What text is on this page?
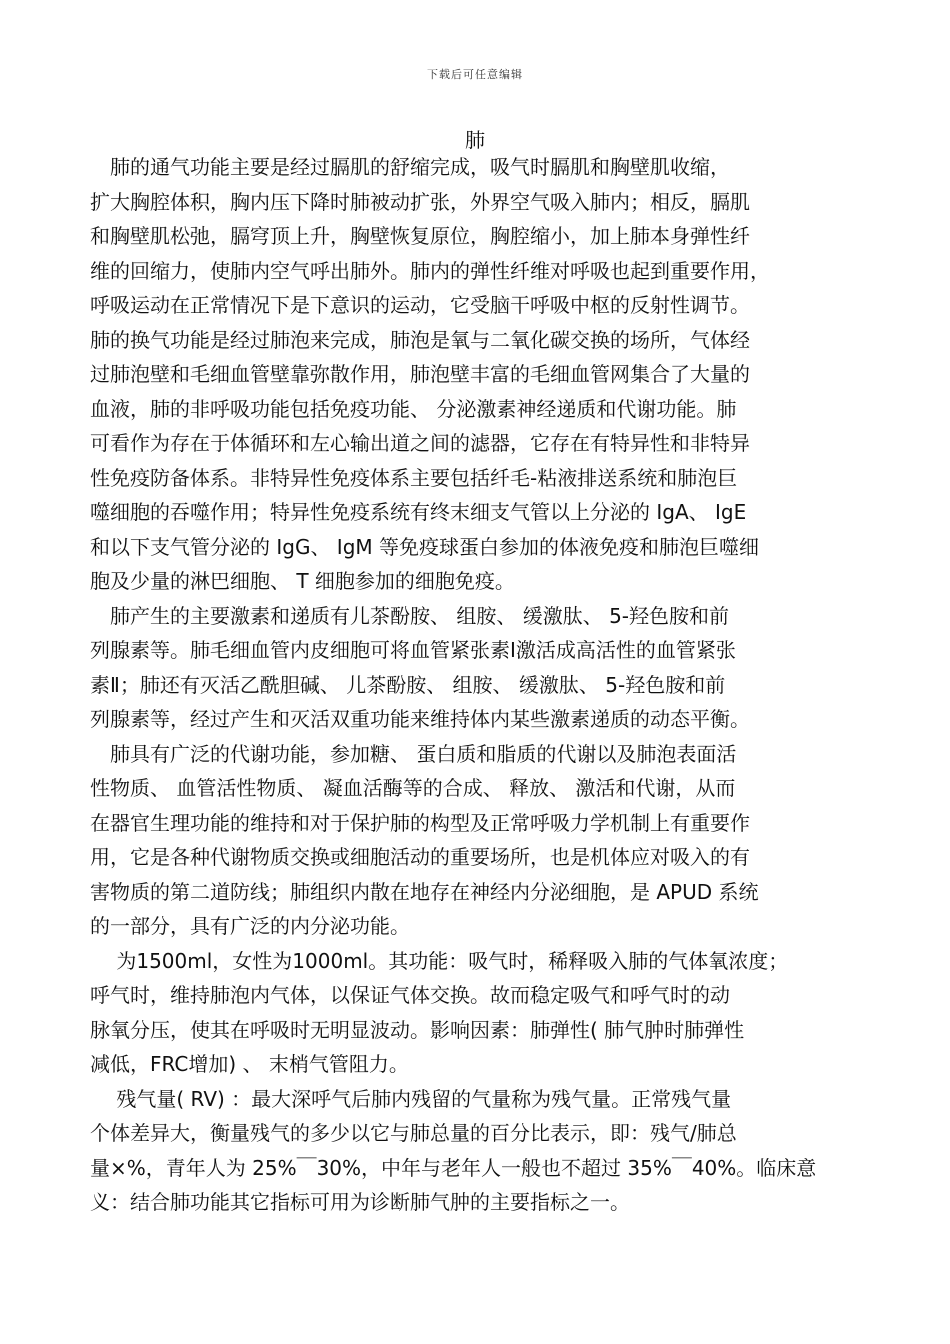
下载后可任意编辑
肺
　肺的通气功能主要是经过膈肌的舒缩完成，吸气时膈肌和胸壁肌收缩，
扩大胸腔体积，胸内压下降时肺被动扩张，外界空气吸入肺内；相反，膈肌
和胸壁肌松弛，膈穹顶上升，胸壁恢复原位，胸腔缩小，加上肺本身弹性纤
维的回缩力，使肺内空气呼出肺外。肺内的弹性纤维对呼吸也起到重要作用，
呼吸运动在正常情况下是下意识的运动，它受脑干呼吸中枢的反射性调节。
肺的换气功能是经过肺泡来完成，肺泡是氧与二氧化碳交换的场所，气体经
过肺泡壁和毛细血管壁靠弥散作用，肺泡壁丰富的毛细血管网集合了大量的
血液，肺的非呼吸功能包括免疫功能、 分泌激素神经递质和代谢功能。肺
可看作为存在于体循环和左心输出道之间的滤器，它存在有特异性和非特异
性免疫防备体系。非特异性免疫体系主要包括纤毛-粘液排送系统和肺泡巨
噬细胞的吞噬作用；特异性免疫系统有终末细支气管以上分泌的 IgA、 IgE
和以下支气管分泌的 IgG、 IgM 等免疫球蛋白参加的体液免疫和肺泡巨噬细
胞及少量的淋巴细胞、 T 细胞参加的细胞免疫。
　肺产生的主要激素和递质有儿茶酚胺、 组胺、 缓激肽、 5-羟色胺和前
列腺素等。肺毛细血管内皮细胞可将血管紧张素Ⅰ激活成高活性的血管紧张
素Ⅱ；肺还有灭活乙酰胆碱、 儿茶酚胺、 组胺、 缓激肽、 5-羟色胺和前
列腺素等，经过产生和灭活双重功能来维持体内某些激素递质的动态平衡。
　肺具有广泛的代谢功能，参加糖、 蛋白质和脂质的代谢以及肺泡表面活
性物质、 血管活性物质、 凝血活酶等的合成、 释放、 激活和代谢，从而
在器官生理功能的维持和对于保护肺的构型及正常呼吸力学机制上有重要作
用，它是各种代谢物质交换或细胞活动的重要场所，也是机体应对吸入的有
害物质的第二道防线；肺组织内散在地存在神经内分泌细胞，是 APUD 系统
的一部分，具有广泛的内分泌功能。
　 为1500ml，女性为1000ml。其功能：吸气时，稀释吸入肺的气体氧浓度；
呼气时，维持肺泡内气体，以保证气体交换。故而稳定吸气和呼气时的动
脉氧分压，使其在呼吸时无明显波动。影响因素：肺弹性( 肺气肿时肺弹性
减低，FRC增加) 、 末梢气管阻力。
　 残气量( RV) ：最大深呼气后肺内残留的气量称为残气量。正常残气量
个体差异大，衡量残气的多少以它与肺总量的百分比表示，即：残气/肺总
量×%，青年人为 25%￣30%，中年与老年人一般也不超过 35%￣40%。临床意
义：结合肺功能其它指标可用为诊断肺气肿的主要指标之一。
